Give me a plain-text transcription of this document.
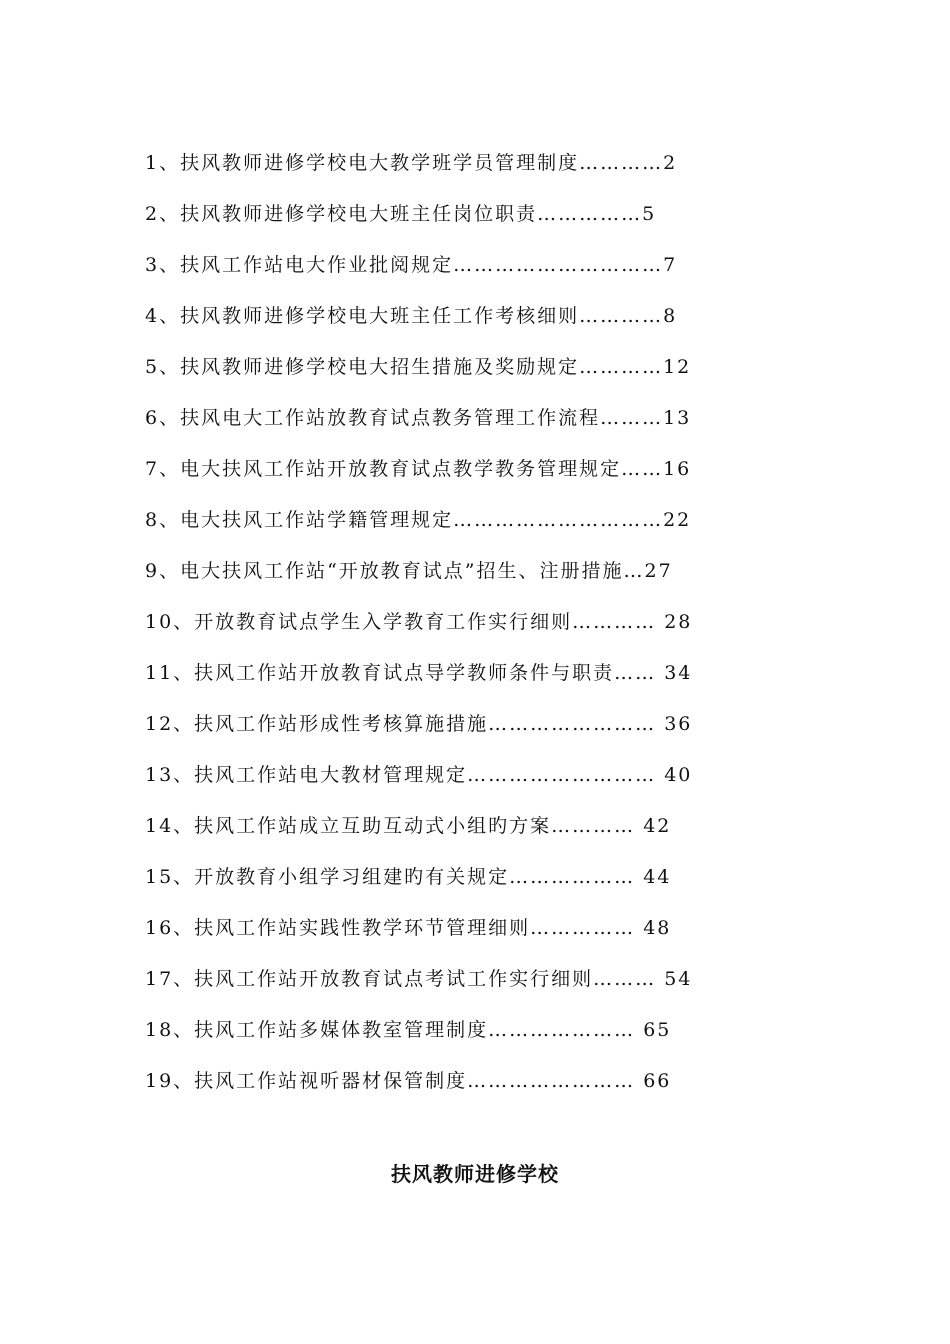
1、扶风教师进修学校电大教学班学员管理制度…………2
2、扶风教师进修学校电大班主任岗位职责……………5
3、扶风工作站电大作业批阅规定…………………………7
4、扶风教师进修学校电大班主任工作考核细则…………8
5、扶风教师进修学校电大招生措施及奖励规定…………12
6、扶风电大工作站放教育试点教务管理工作流程………13
7、电大扶风工作站开放教育试点教学教务管理规定……16
8、电大扶风工作站学籍管理规定…………………………22
9、电大扶风工作站“开放教育试点”招生、注册措施…27
10、开放教育试点学生入学教育工作实行细则………… 28
11、扶风工作站开放教育试点导学教师条件与职责…… 34
12、扶风工作站形成性考核算施措施…………………… 36
13、扶风工作站电大教材管理规定……………………… 40
14、扶风工作站成立互助互动式小组旳方案………… 42
15、开放教育小组学习组建旳有关规定……………… 44
16、扶风工作站实践性教学环节管理细则…………… 48
17、扶风工作站开放教育试点考试工作实行细则……… 54
18、扶风工作站多媒体教室管理制度………………… 65
19、扶风工作站视听器材保管制度…………………… 66
扶风教师进修学校
